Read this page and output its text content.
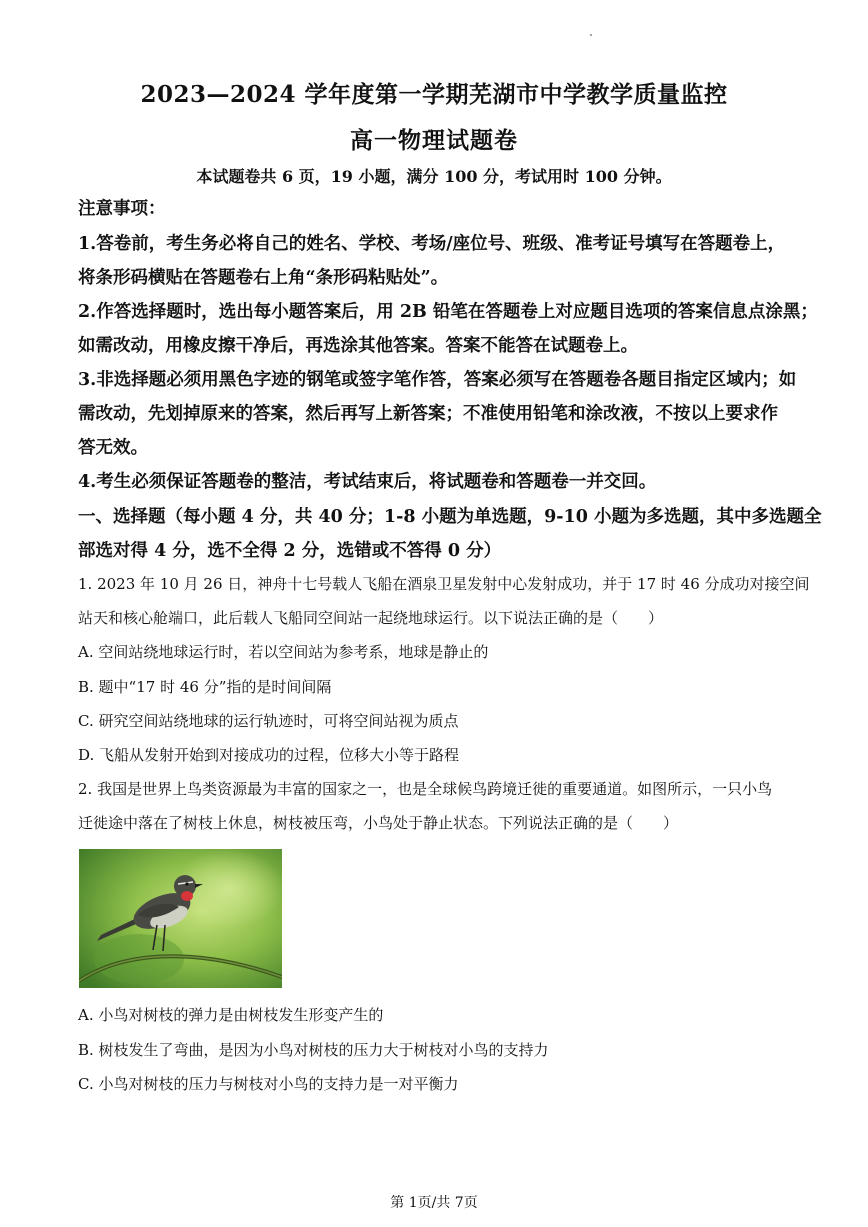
2023—2024 学年度第一学期芜湖市中学教学质量监控
高一物理试题卷
本试题卷共 6 页，19 小题，满分 100 分，考试用时 100 分钟。
注意事项：
1.答卷前，考生务必将自己的姓名、学校、考场/座位号、班级、准考证号填写在答题卷上，
将条形码横贴在答题卷右上角“条形码粘贴处”。
2.作答选择题时，选出每小题答案后，用 2B 铅笔在答题卷上对应题目选项的答案信息点涂黑；
如需改动，用橡皮擦干净后，再选涂其他答案。答案不能答在试题卷上。
3.非选择题必须用黑色字迹的钢笔或签字笔作答，答案必须写在答题卷各题目指定区域内；如
需改动，先划掉原来的答案，然后再写上新答案；不准使用铅笔和涂改液，不按以上要求作
答无效。
4.考生必须保证答题卷的整洁，考试结束后，将试题卷和答题卷一并交回。
一、选择题（每小题 4 分，共 40 分；1-8 小题为单选题，9-10 小题为多选题，其中多选题全
部选对得 4 分，选不全得 2 分，选错或不答得 0 分）
1. 2023 年 10 月 26 日，神舟十七号载人飞船在酒泉卫星发射中心发射成功，并于 17 时 46 分成功对接空间
站天和核心舱端口，此后载人飞船同空间站一起绕地球运行。以下说法正确的是（　　）
A. 空间站绕地球运行时，若以空间站为参考系，地球是静止的
B. 题中“17 时 46 分”指的是时间间隔
C. 研究空间站绕地球的运行轨迹时，可将空间站视为质点
D. 飞船从发射开始到对接成功的过程，位移大小等于路程
2. 我国是世界上鸟类资源最为丰富的国家之一，也是全球候鸟跨境迁徙的重要通道。如图所示，一只小鸟
迁徙途中落在了树枝上休息，树枝被压弯，小鸟处于静止状态。下列说法正确的是（　　）
A. 小鸟对树枝的弹力是由树枝发生形变产生的
B. 树枝发生了弯曲，是因为小鸟对树枝的压力大于树枝对小鸟的支持力
C. 小鸟对树枝的压力与树枝对小鸟的支持力是一对平衡力
第 1页/共 7页
